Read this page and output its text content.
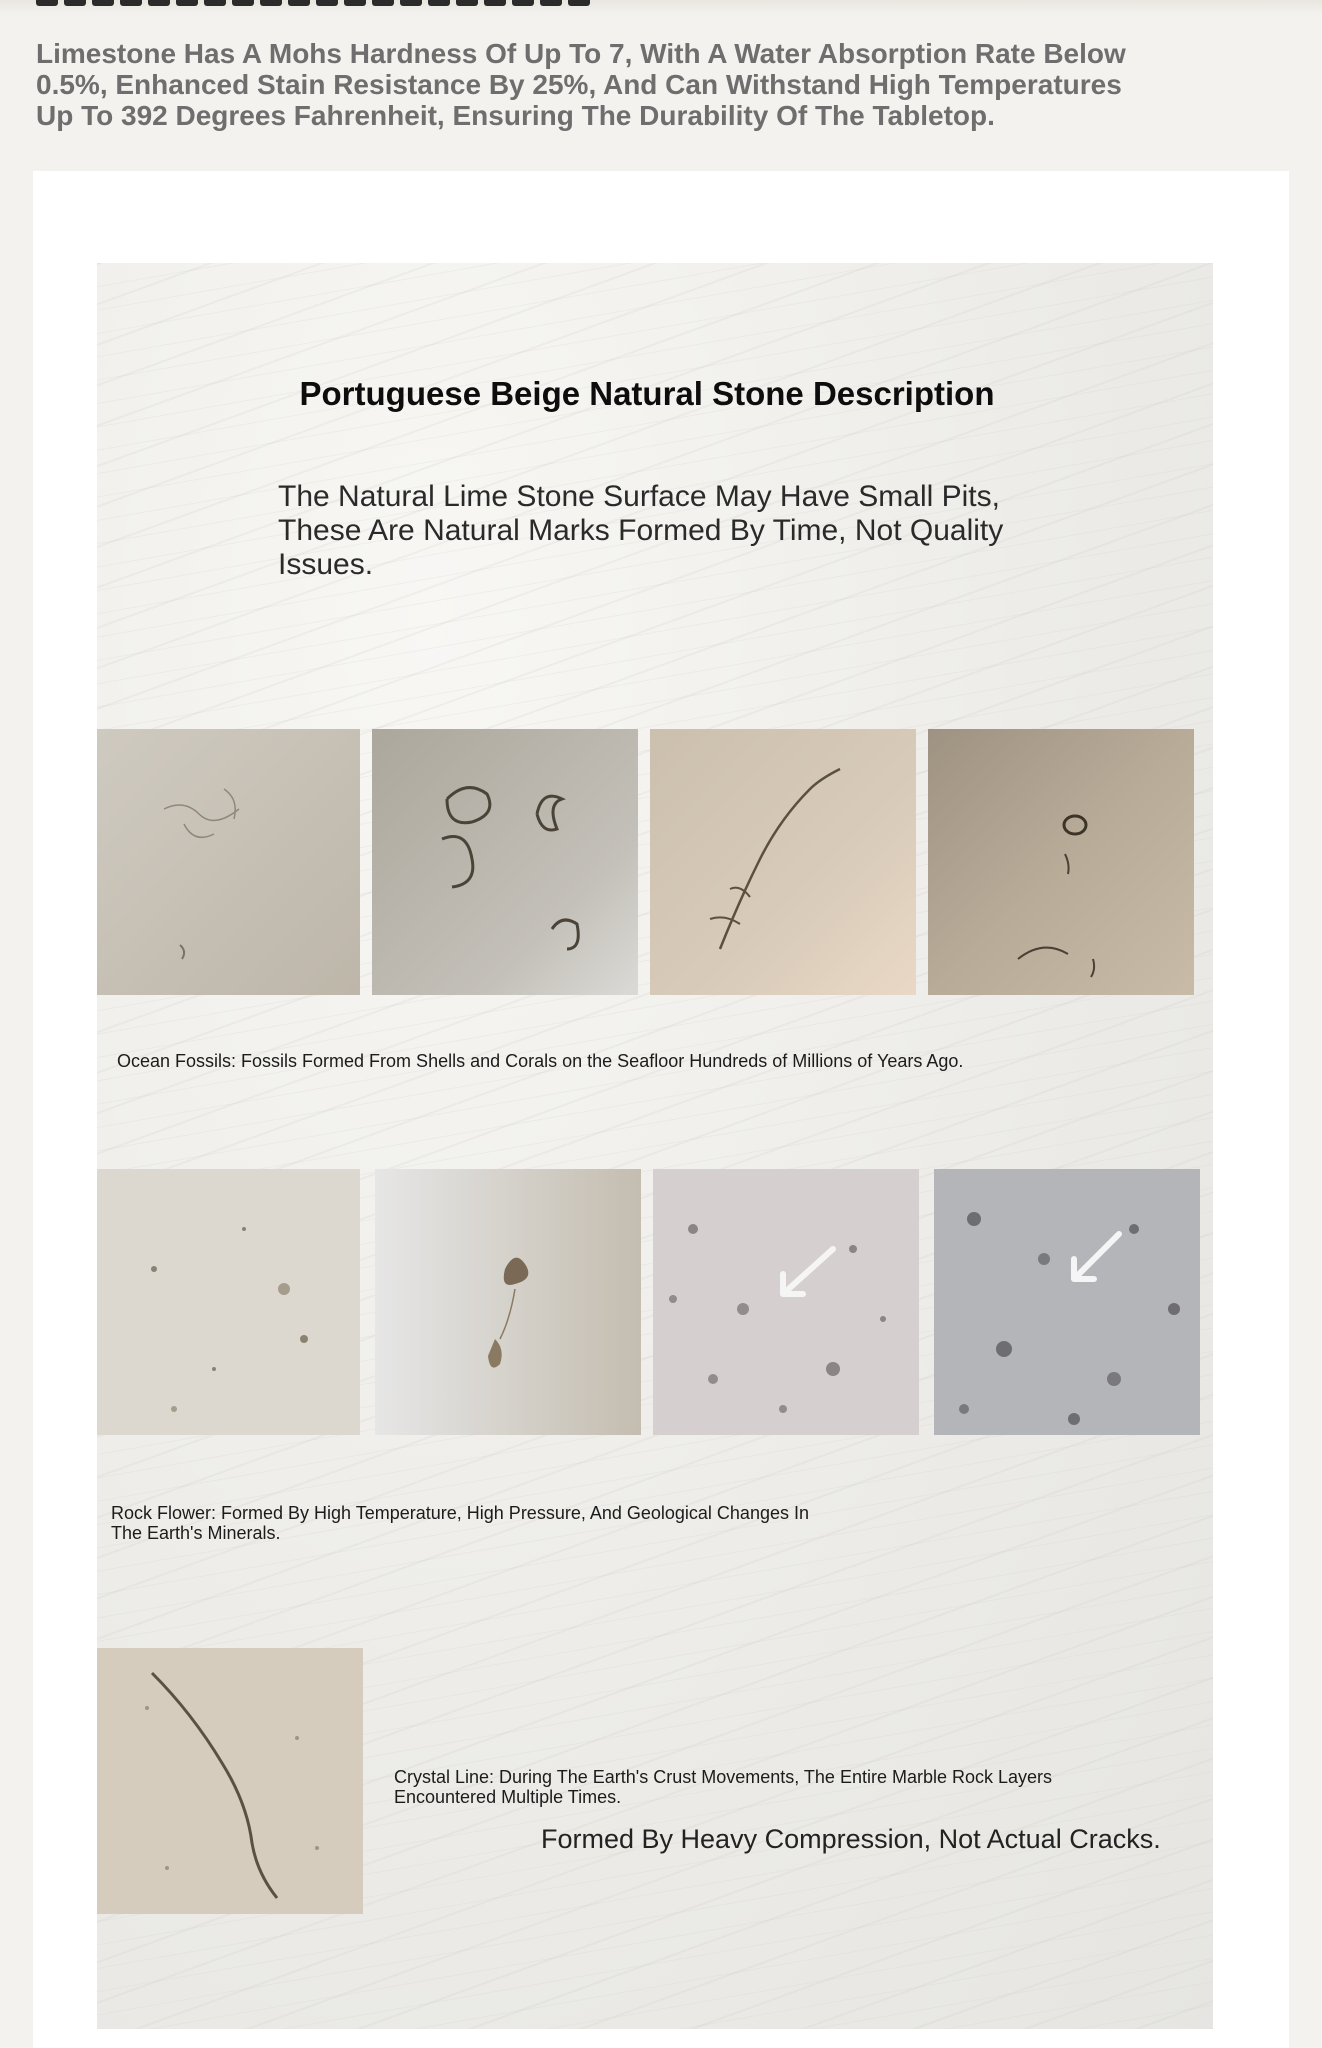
Limestone Has A Mohs Hardness Of Up To 7, With A Water Absorption Rate Below 0.5%, Enhanced Stain Resistance By 25%, And Can Withstand High Temperatures Up To 392 Degrees Fahrenheit, Ensuring The Durability Of The Tabletop.

Portuguese Beige Natural Stone Description

The Natural Lime Stone Surface May Have Small Pits, These Are Natural Marks Formed By Time, Not Quality Issues.

Ocean Fossils: Fossils Formed From Shells and Corals on the Seafloor Hundreds of Millions of Years Ago.

Rock Flower: Formed By High Temperature, High Pressure, And Geological Changes In The Earth's Minerals.

Crystal Line: During The Earth's Crust Movements, The Entire Marble Rock Layers Encountered Multiple Times.

Formed By Heavy Compression, Not Actual Cracks.
